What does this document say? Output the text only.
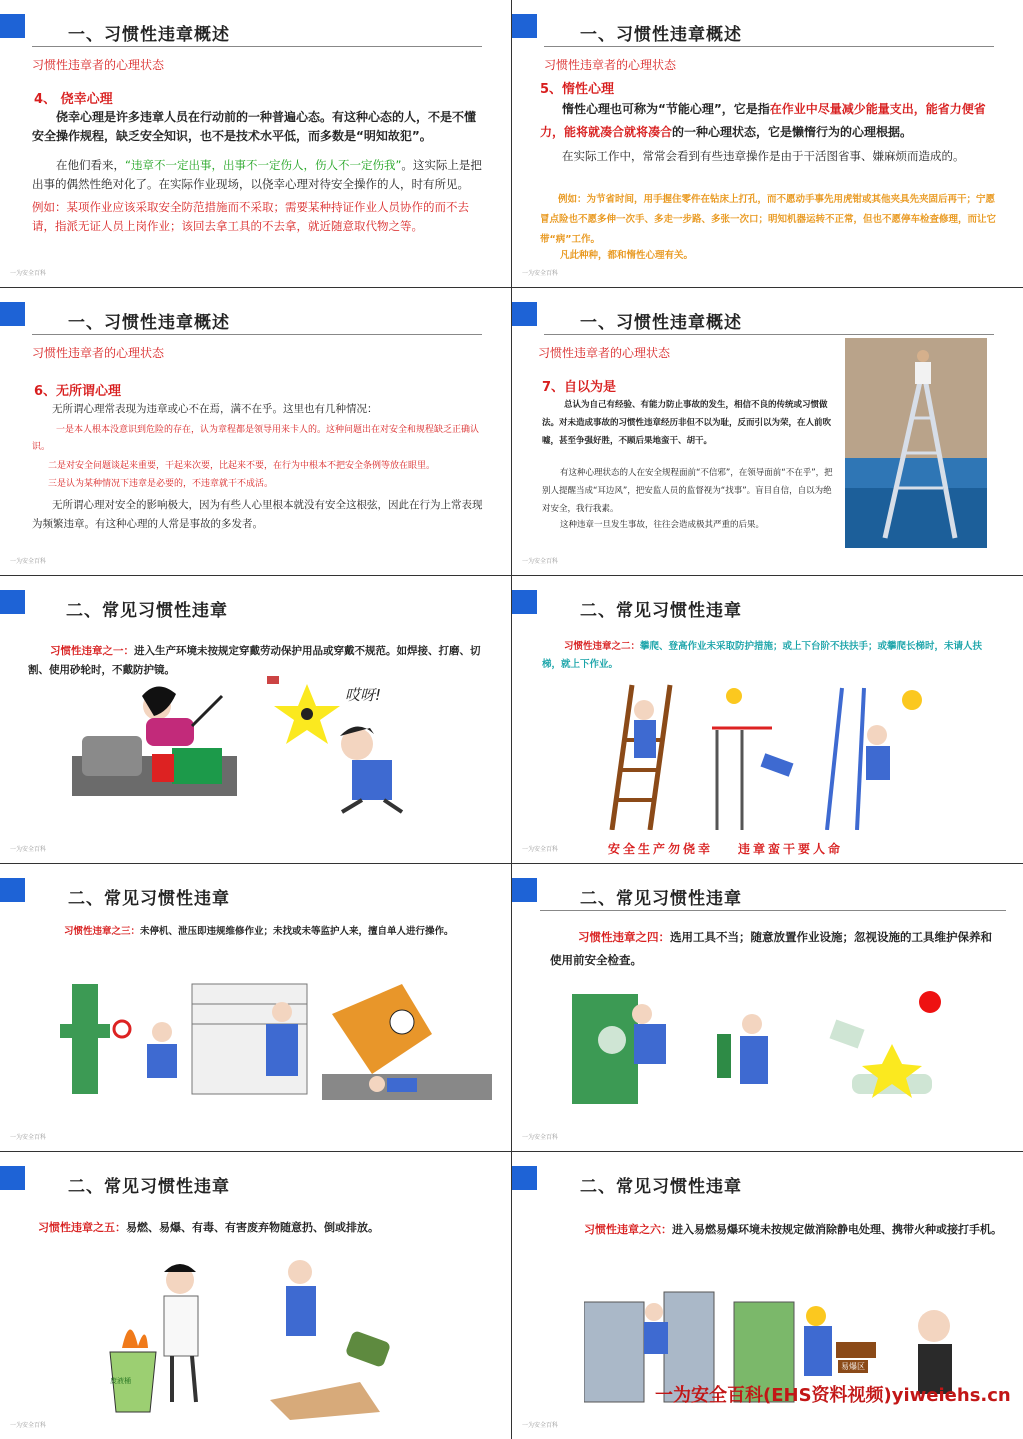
一、习惯性违章概述
习惯性违章者的心理状态
4、 侥幸心理
侥幸心理是许多违章人员在行动前的一种普遍心态。有这种心态的人，不是不懂安全操作规程，缺乏安全知识，也不是技术水平低，而多数是“明知故犯”。
在他们看来，“违章不一定出事，出事不一定伤人，伤人不一定伤我”。这实际上是把出事的偶然性绝对化了。在实际作业现场，以侥幸心理对待安全操作的人，时有所见。
例如：某项作业应该采取安全防范措施而不采取；需要某种持证作业人员协作的而不去请，指派无证人员上岗作业；该回去拿工具的不去拿，就近随意取代物之等。
一为安全百科
一、习惯性违章概述
习惯性违章者的心理状态
5、惰性心理
惰性心理也可称为“节能心理”，它是指在作业中尽量减少能量支出，能省力便省力，能将就凑合就将凑合的一种心理状态，它是懒惰行为的心理根据。
在实际工作中，常常会看到有些违章操作是由于干活图省事、嫌麻烦而造成的。
例如：为节省时间，用手握住零件在钻床上打孔，而不愿动手事先用虎钳或其他夹具先夹固后再干；宁愿冒点险也不愿多伸一次手、多走一步路、多张一次口；明知机器运转不正常，但也不愿停车检查修理，而让它带“病”工作。
凡此种种，都和惰性心理有关。
一为安全百科
一、习惯性违章概述
习惯性违章者的心理状态
6、无所谓心理
无所谓心理常表现为违章或心不在焉，满不在乎。这里也有几种情况：
一是本人根本没意识到危险的存在，认为章程都是领导用来卡人的。这种问题出在对安全和规程缺乏正确认识。
二是对安全问题谈起来重要，干起来次要，比起来不要，在行为中根本不把安全条例等放在眼里。
三是认为某种情况下违章是必要的，不违章就干不成活。
无所谓心理对安全的影响极大，因为有些人心里根本就没有安全这根弦，因此在行为上常表现为频繁违章。有这种心理的人常是事故的多发者。
一为安全百科
一、习惯性违章概述
习惯性违章者的心理状态
7、自以为是
总认为自己有经验、有能力防止事故的发生，相信不良的传统或习惯做法。对未造成事故的习惯性违章经历非但不以为耻，反而引以为荣，在人前吹嘘，甚至争强好胜，不顾后果地蛮干、胡干。
有这种心理状态的人在安全规程面前“不信邪”，在领导面前“不在乎”，把别人提醒当成“耳边风”，把安监人员的监督视为“找事”。盲目自信，自以为绝对安全，我行我素。
这种违章一旦发生事故，往往会造成极其严重的后果。
一为安全百科
二、常见习惯性违章
习惯性违章之一：进入生产环境未按规定穿戴劳动保护用品或穿戴不规范。如焊接、打磨、切割、使用砂轮时，不戴防护镜。
哎呀!
一为安全百科
二、常见习惯性违章
习惯性违章之二：攀爬、登高作业未采取防护措施；或上下台阶不扶扶手；或攀爬长梯时，未请人扶梯，就上下作业。
安全生产勿侥幸 违章蛮干要人命
一为安全百科
二、常见习惯性违章
习惯性违章之三：未停机、泄压即违规维修作业；未找或未等监护人来，擅自单人进行操作。
一为安全百科
二、常见习惯性违章
习惯性违章之四：选用工具不当；随意放置作业设施；忽视设施的工具维护保养和使用前安全检查。
一为安全百科
二、常见习惯性违章
习惯性违章之五：易燃、易爆、有毒、有害废弃物随意扔、倒或排放。
废液桶
一为安全百科
二、常见习惯性违章
习惯性违章之六：进入易燃易爆环境未按规定做消除静电处理、携带火种或接打手机。
易爆区
一为安全百科
一为安全百科(EHS资料视频)yiweiehs.cn
